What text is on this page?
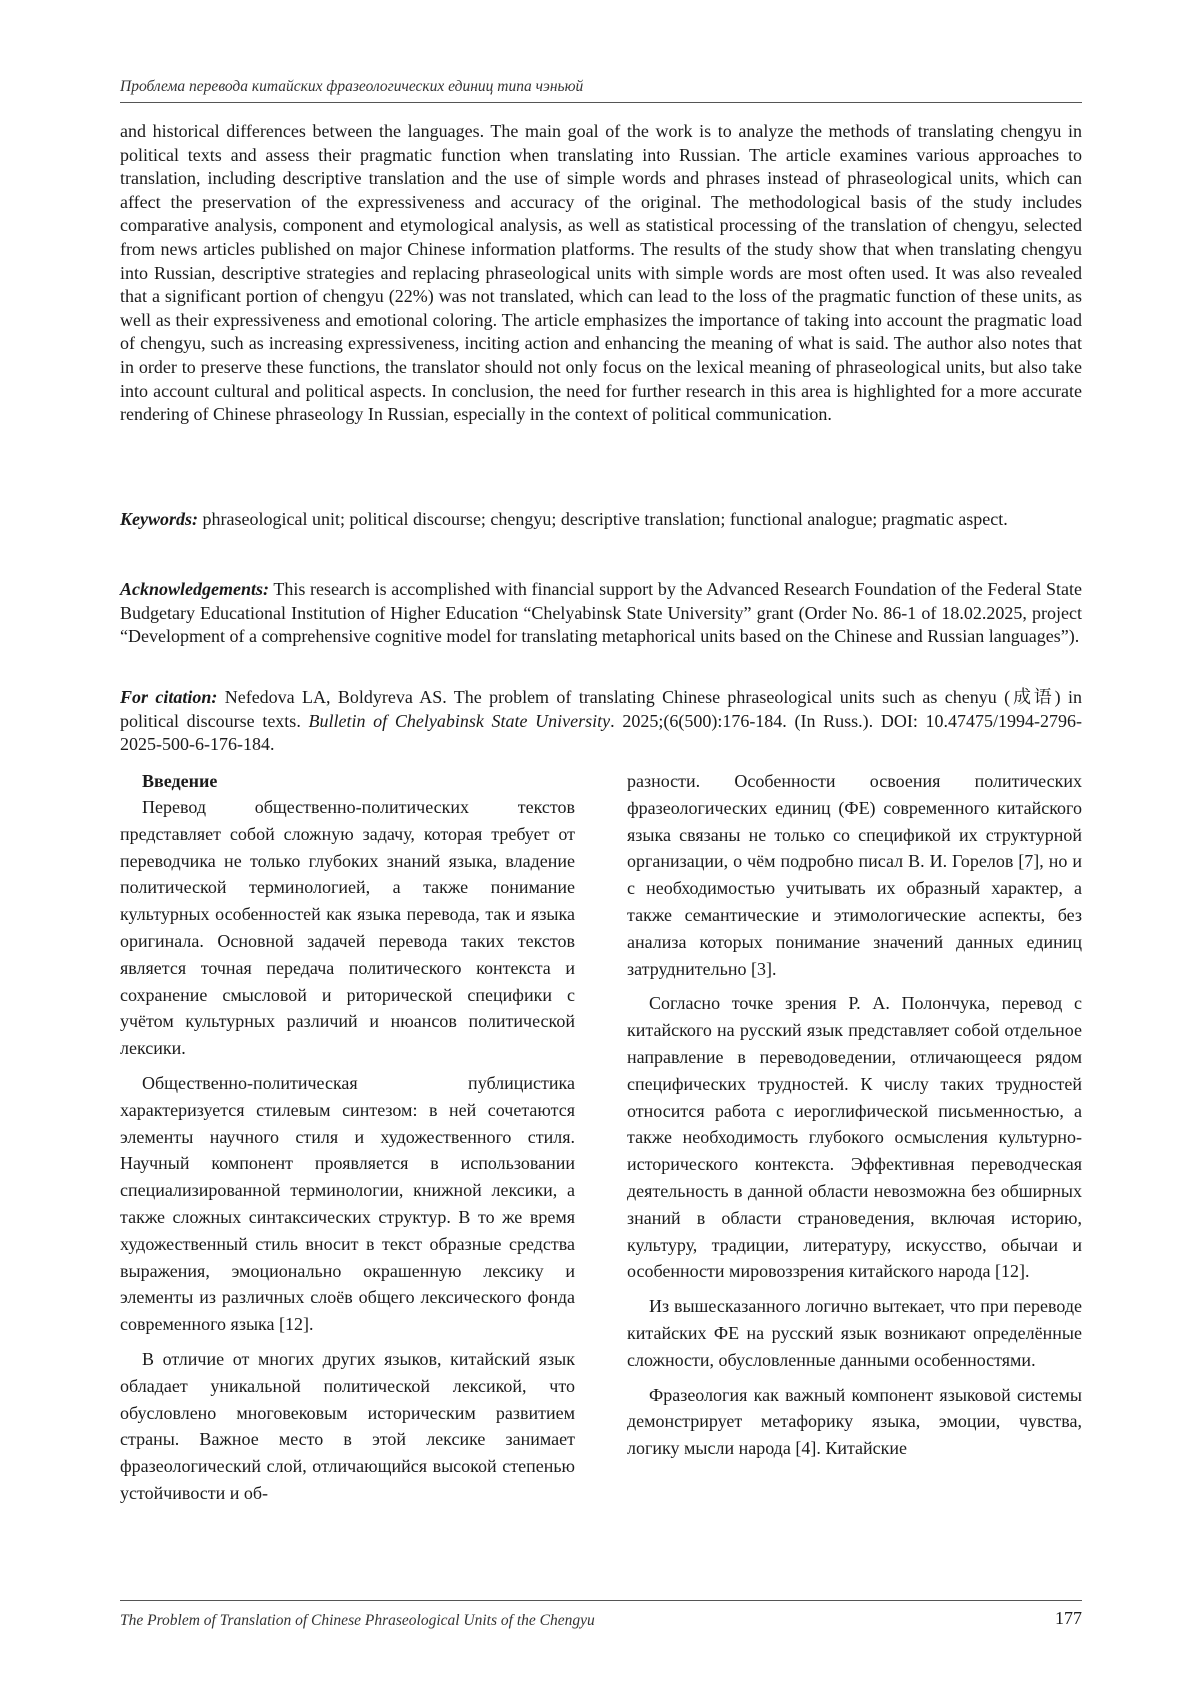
Проблема перевода китайских фразеологических единиц типа чэньюй

and historical differences between the languages. The main goal of the work is to analyze the methods of translating chengyu in political texts and assess their pragmatic function when translating into Russian. The article examines various approaches to translation, including descriptive translation and the use of simple words and phrases instead of phraseological units, which can affect the preservation of the expressiveness and accuracy of the original. The methodological basis of the study includes comparative analysis, component and etymological analysis, as well as statistical processing of the translation of chengyu, selected from news articles published on major Chinese information platforms. The results of the study show that when translating chengyu into Russian, descriptive strategies and replacing phraseological units with simple words are most often used. It was also revealed that a significant portion of chengyu (22%) was not translated, which can lead to the loss of the pragmatic function of these units, as well as their expressiveness and emotional coloring. The article emphasizes the importance of taking into account the pragmatic load of chengyu, such as increasing expressiveness, inciting action and enhancing the meaning of what is said. The author also notes that in order to preserve these functions, the translator should not only focus on the lexical meaning of phraseological units, but also take into account cultural and political aspects. In conclusion, the need for further research in this area is highlighted for a more accurate rendering of Chinese phraseology In Russian, especially in the context of political communication.

Keywords: phraseological unit; political discourse; chengyu; descriptive translation; functional analogue; pragmatic aspect.

Acknowledgements: This research is accomplished with financial support by the Advanced Research Foundation of the Federal State Budgetary Educational Institution of Higher Education “Chelyabinsk State University” grant (Order No. 86-1 of 18.02.2025, project “Development of a comprehensive cognitive model for translating metaphorical units based on the Chinese and Russian languages”).

For citation: Nefedova LA, Boldyreva AS. The problem of translating Chinese phraseological units such as chenyu (成语) in political discourse texts. Bulletin of Chelyabinsk State University. 2025;(6(500):176-184. (In Russ.). DOI: 10.47475/1994-2796-2025-500-6-176-184.

Введение

Перевод общественно-политических текстов представляет собой сложную задачу, которая требует от переводчика не только глубоких знаний языка, владение политической терминологией, а также понимание культурных особенностей как языка перевода, так и языка оригинала. Основной задачей перевода таких текстов является точная передача политического контекста и сохранение смысловой и риторической специфики с учётом культурных различий и нюансов политической лексики.

Общественно-политическая публицистика характеризуется стилевым синтезом: в ней сочетаются элементы научного стиля и художественного стиля. Научный компонент проявляется в использовании специализированной терминологии, книжной лексики, а также сложных синтаксических структур. В то же время художественный стиль вносит в текст образные средства выражения, эмоционально окрашенную лексику и элементы из различных слоёв общего лексического фонда современного языка [12].

В отличие от многих других языков, китайский язык обладает уникальной политической лексикой, что обусловлено многовековым историческим развитием страны. Важное место в этой лексике занимает фразеологический слой, отличающийся высокой степенью устойчивости и об-

разности. Особенности освоения политических фразеологических единиц (ФЕ) современного китайского языка связаны не только со спецификой их структурной организации, о чём подробно писал В. И. Горелов [7], но и с необходимостью учитывать их образный характер, а также семантические и этимологические аспекты, без анализа которых понимание значений данных единиц затруднительно [3].

Согласно точке зрения Р. А. Полончука, перевод с китайского на русский язык представляет собой отдельное направление в переводоведении, отличающееся рядом специфических трудностей. К числу таких трудностей относится работа с иероглифической письменностью, а также необходимость глубокого осмысления культурно-исторического контекста. Эффективная переводческая деятельность в данной области невозможна без обширных знаний в области страноведения, включая историю, культуру, традиции, литературу, искусство, обычаи и особенности мировоззрения китайского народа [12].

Из вышесказанного логично вытекает, что при переводе китайских ФЕ на русский язык возникают определённые сложности, обусловленные данными особенностями.

Фразеология как важный компонент языковой системы демонстрирует метафорику языка, эмоции, чувства, логику мысли народа [4]. Китайские

The Problem of Translation of Chinese Phraseological Units of the Chengyu	177
